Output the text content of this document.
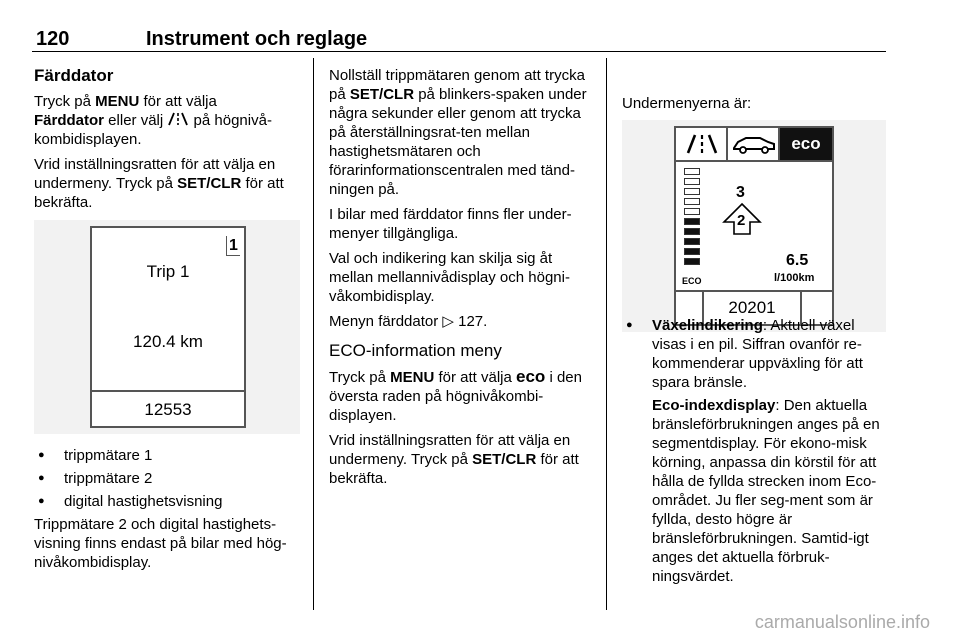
120	Instrument och reglage
Färddator

Tryck på MENU för att välja
Färddator eller välj  på högnivå-kombidisplayen.

Vrid inställningsratten för att välja en undermeny. Tryck på SET/CLR för att bekräfta.

1
Trip 1
120.4 km
12553
● trippmätare 1
● trippmätare 2
● digital hastighetsvisning

Trippmätare 2 och digital hastighets-visning finns endast på bilar med hög-nivåkombidisplay.

Nollställ trippmätaren genom att trycka på SET/CLR på blinkers-spaken under några sekunder eller genom att trycka på återställningsrat-ten mellan hastighetsmätaren och förarinformationscentralen med tänd-ningen på.

I bilar med färddator finns fler under-menyer tillgängliga.

Val och indikering kan skilja sig åt mellan mellannivådisplay och högni-våkombidisplay.

Menyn färddator ▷ 127.

ECO-information meny

Tryck på MENU för att välja eco i den översta raden på högnivåkombi-displayen.

Vrid inställningsratten för att välja en undermeny. Tryck på SET/CLR för att bekräfta.

Undermenyerna är:

eco
ECO
3
2
6.5
l/100km
20201
● Växelindikering: Aktuell växel visas i en pil. Siffran ovanför re-kommenderar uppväxling för att spara bränsle.

Eco-indexdisplay: Den aktuella bränsleförbrukningen anges på en segmentdisplay. För ekono-misk körning, anpassa din körstil för att hålla de fyllda strecken inom Eco-området. Ju fler seg-ment som är fyllda, desto högre är bränsleförbrukningen. Samtid-igt anges det aktuella förbruk-ningsvärdet.

carmanualsonline.info
